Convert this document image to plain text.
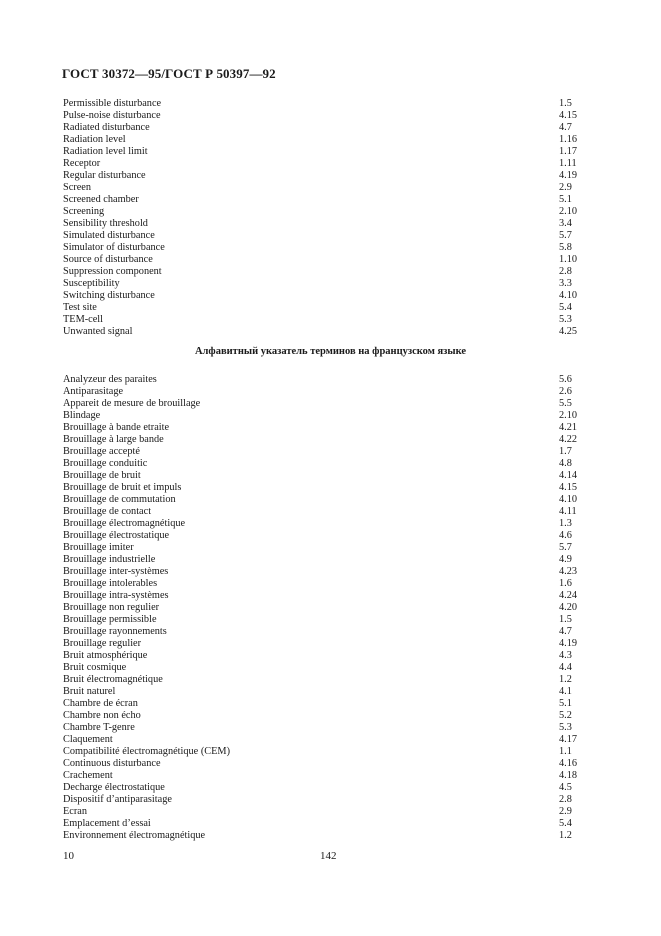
ГОСТ 30372—95/ГОСТ Р 50397—92
Permissible disturbance	1.5
Pulse-noise disturbance	4.15
Radiated disturbance	4.7
Radiation level	1.16
Radiation level limit	1.17
Receptor	1.11
Regular disturbance	4.19
Screen	2.9
Screened chamber	5.1
Screening	2.10
Sensibility threshold	3.4
Simulated disturbance	5.7
Simulator of disturbance	5.8
Source of disturbance	1.10
Suppression component	2.8
Susceptibility	3.3
Switching disturbance	4.10
Test site	5.4
TEM-cell	5.3
Unwanted signal	4.25
Алфавитный указатель терминов на французском языке
Analyzeur des paraites	5.6
Antiparasitage	2.6
Appareit de mesure de brouillage	5.5
Blindage	2.10
Brouillage à bande etraite	4.21
Brouillage à large bande	4.22
Brouillage accepté	1.7
Brouillage conduitic	4.8
Brouillage de bruit	4.14
Brouillage de bruit et impuls	4.15
Brouillage de commutation	4.10
Brouillage de contact	4.11
Brouillage électromagnétique	1.3
Brouillage électrostatique	4.6
Brouillage imiter	5.7
Brouillage industrielle	4.9
Brouillage inter-systèmes	4.23
Brouillage intolerables	1.6
Brouillage intra-systèmes	4.24
Brouillage non regulier	4.20
Brouillage permissible	1.5
Brouillage rayonnements	4.7
Brouillage regulier	4.19
Bruit atmosphérique	4.3
Bruit cosmique	4.4
Bruit électromagnétique	1.2
Bruit naturel	4.1
Chambre de écran	5.1
Chambre non écho	5.2
Chambre T-genre	5.3
Claquement	4.17
Compatibilité électromagnétique (CEM)	1.1
Continuous disturbance	4.16
Crachement	4.18
Decharge électrostatique	4.5
Dispositif d’antiparasitage	2.8
Ecran	2.9
Emplacement d’essai	5.4
Environnement électromagnétique	1.2
10	142
